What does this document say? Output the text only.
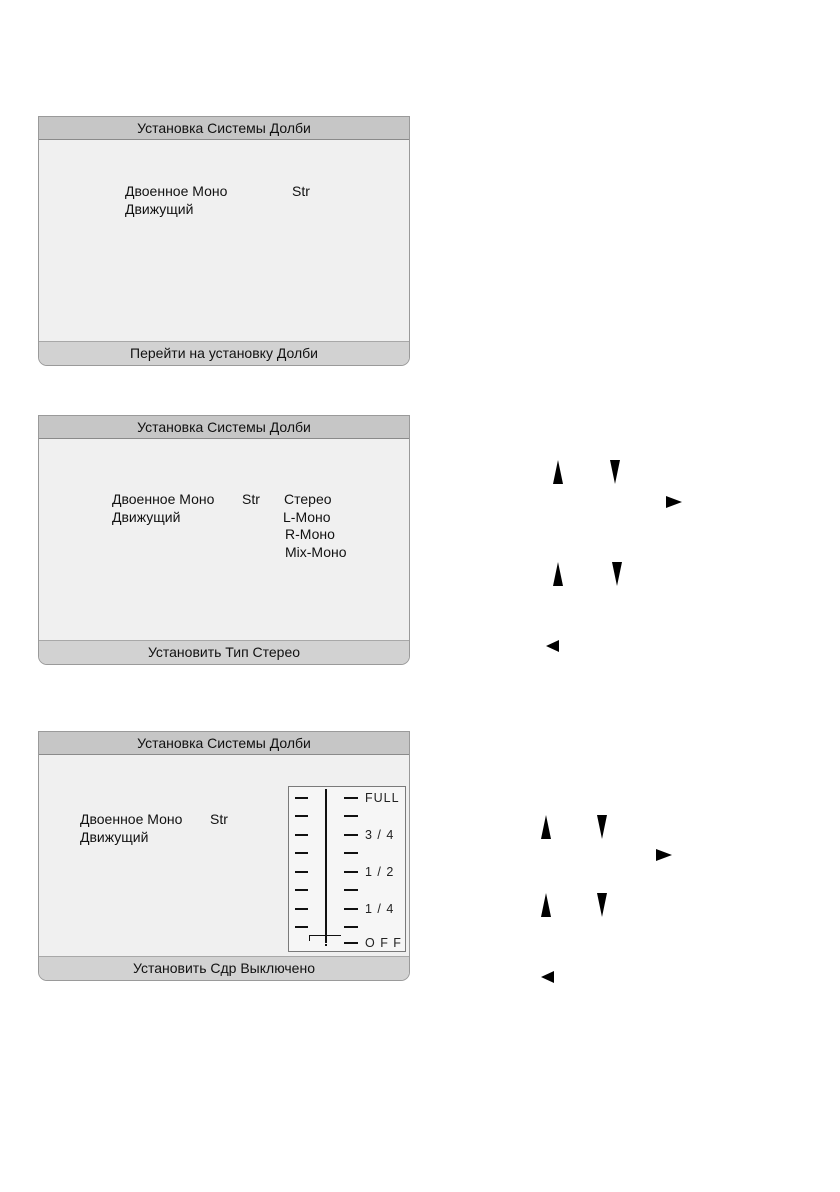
Установка Системы Долби
Двоенное Моно	Str
Движущий
Перейти на установку Долби
Установка Системы Долби
Двоенное Моно Str
Движущий
Стерео
L-Моно
R-Моно
Mix-Моно
Установить Тип Стерео
Установка Системы Долби
Двоенное Моно Str
Движущий
FULL
3 / 4
1 / 2
1 / 4
O F F
Установить Сдр Выключено
